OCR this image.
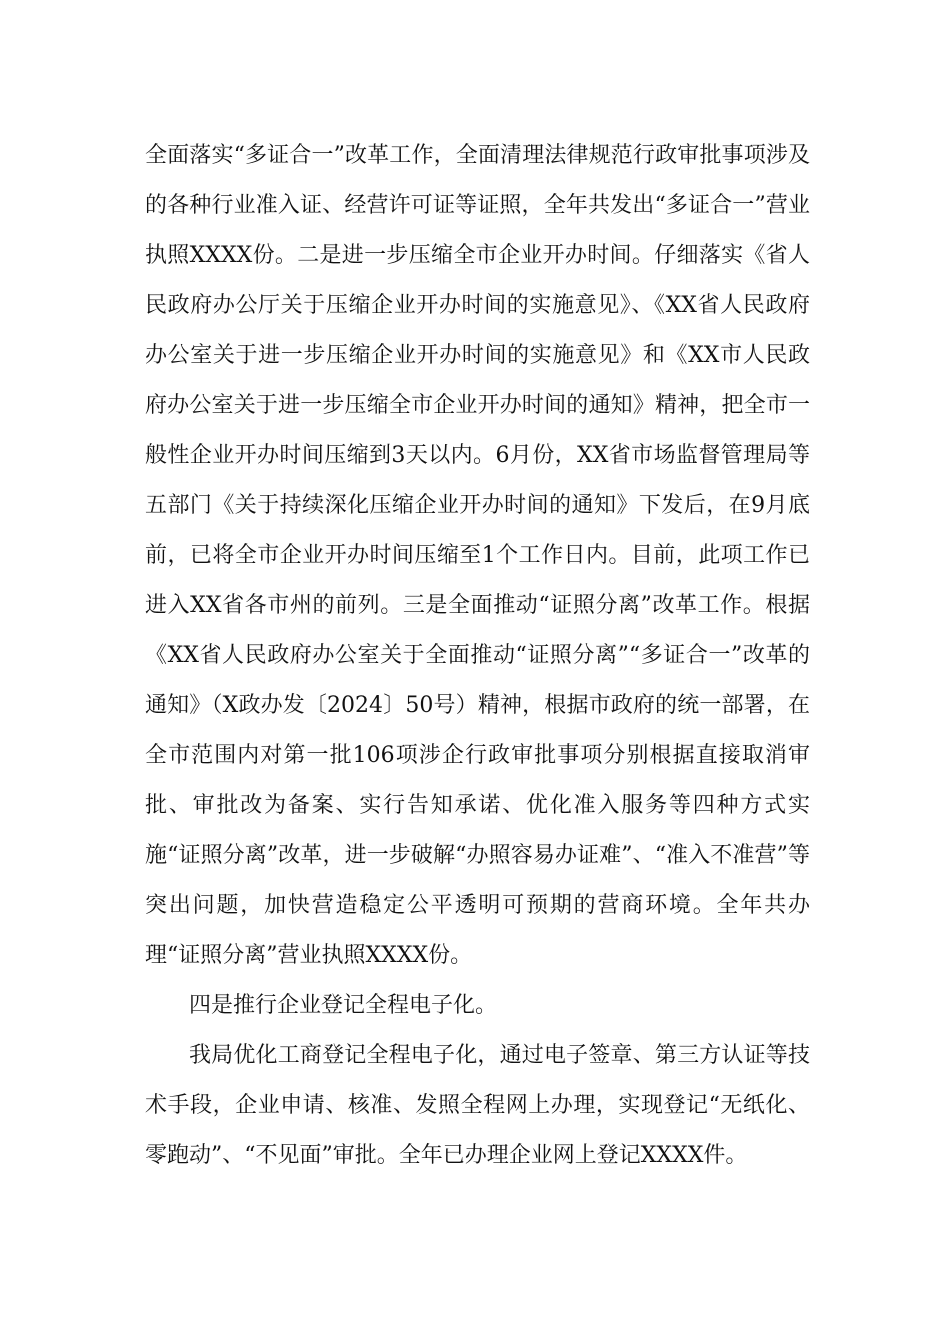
全面落实“多证合一”改革工作，全面清理法律规范行政审批事项涉及的各种行业准入证、经营许可证等证照，全年共发出“多证合一”营业执照XXXX份。二是进一步压缩全市企业开办时间。仔细落实《省人民政府办公厅关于压缩企业开办时间的实施意见》、《XX省人民政府办公室关于进一步压缩企业开办时间的实施意见》和《XX市人民政府办公室关于进一步压缩全市企业开办时间的通知》精神，把全市一般性企业开办时间压缩到3天以内。6月份，XX省市场监督管理局等五部门《关于持续深化压缩企业开办时间的通知》下发后，在9月底前，已将全市企业开办时间压缩至1个工作日内。目前，此项工作已进入XX省各市州的前列。三是全面推动“证照分离”改革工作。根据《XX省人民政府办公室关于全面推动“证照分离”“多证合一”改革的通知》（X政办发〔2024〕50号）精神，根据市政府的统一部署，在全市范围内对第一批106项涉企行政审批事项分别根据直接取消审批、审批改为备案、实行告知承诺、优化准入服务等四种方式实施“证照分离”改革，进一步破解“办照容易办证难”、“准入不准营”等突出问题，加快营造稳定公平透明可预期的营商环境。全年共办理“证照分离”营业执照XXXX份。

四是推行企业登记全程电子化。

我局优化工商登记全程电子化，通过电子签章、第三方认证等技术手段，企业申请、核准、发照全程网上办理，实现登记“无纸化、零跑动”、“不见面”审批。全年已办理企业网上登记XXXX件。
